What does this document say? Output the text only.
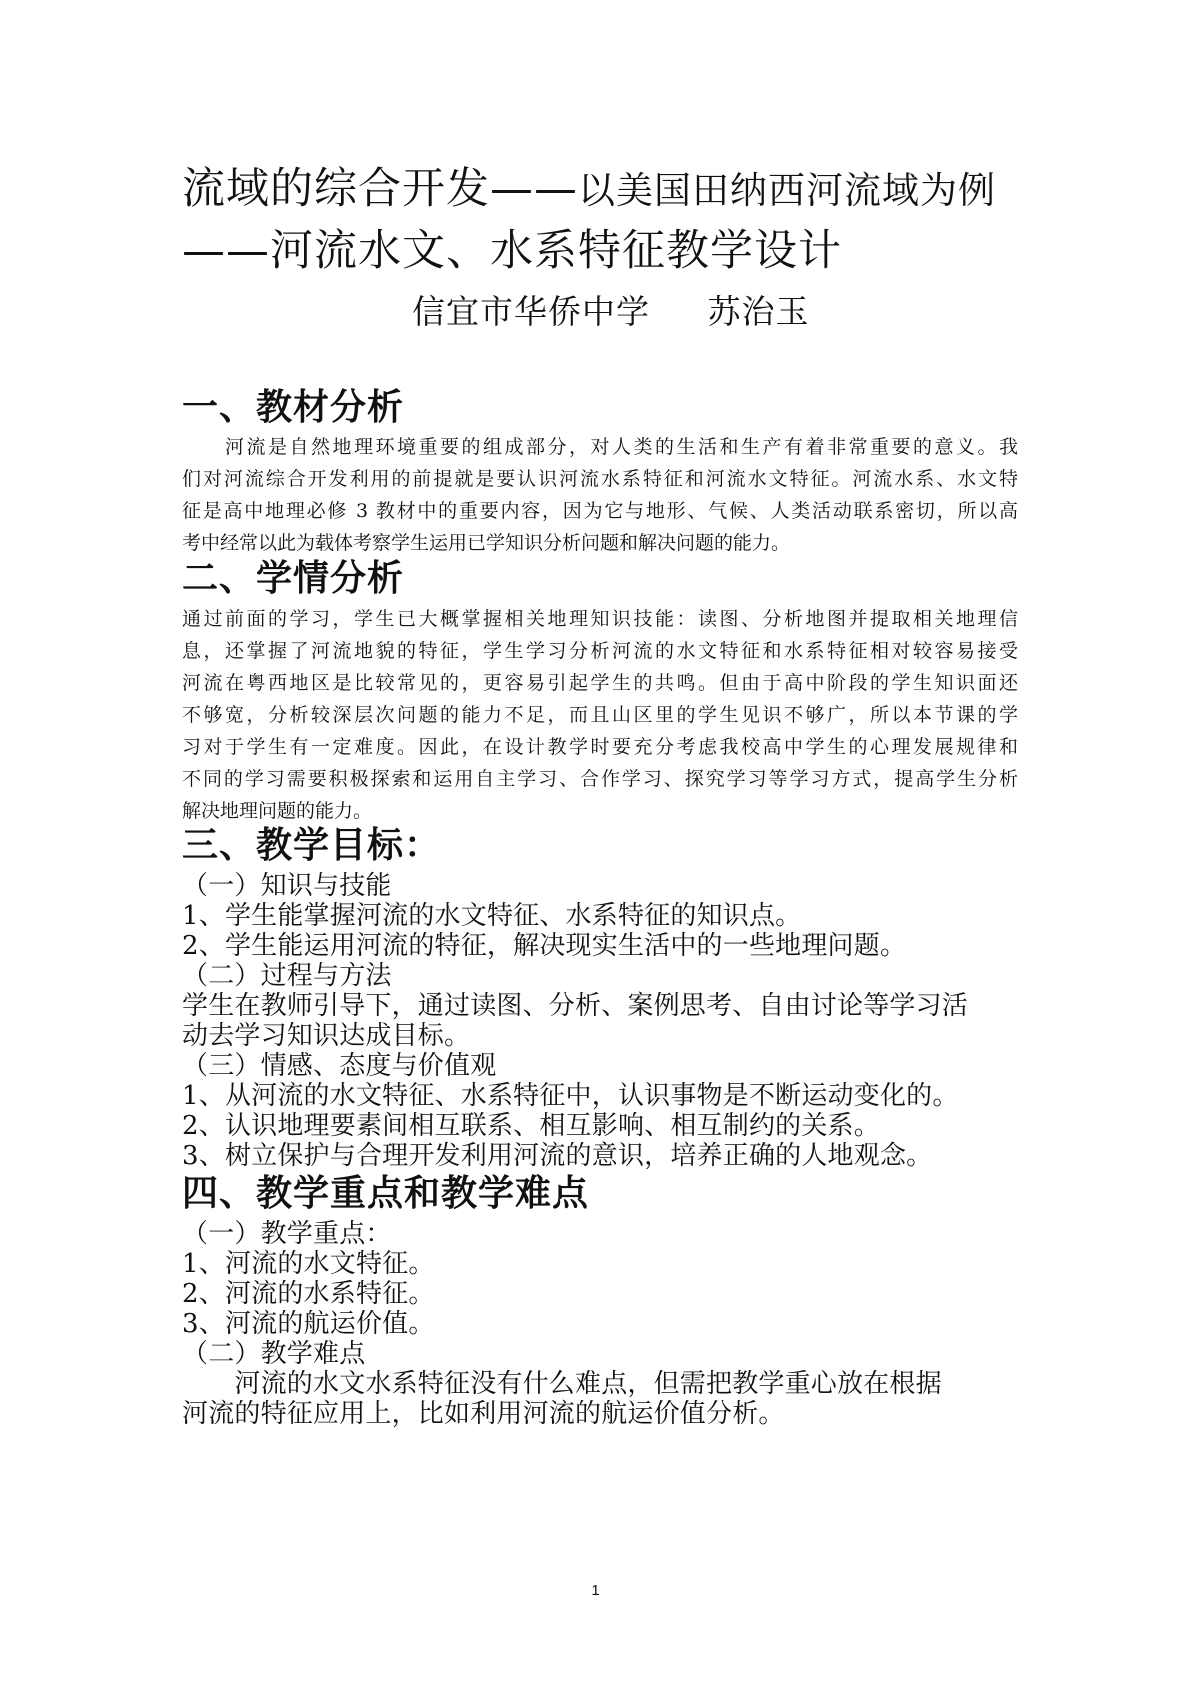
流域的综合开发——以美国田纳西河流域为例
——河流水文、水系特征教学设计
信宜市华侨中学     苏治玉
一、教材分析
　　河流是自然地理环境重要的组成部分，对人类的生活和生产有着非常重要的意义。我
们对河流综合开发利用的前提就是要认识河流水系特征和河流水文特征。河流水系、水文特
征是高中地理必修 3 教材中的重要内容，因为它与地形、气候、人类活动联系密切，所以高
考中经常以此为载体考察学生运用已学知识分析问题和解决问题的能力。
二、学情分析
通过前面的学习，学生已大概掌握相关地理知识技能：读图、分析地图并提取相关地理信
息，还掌握了河流地貌的特征，学生学习分析河流的水文特征和水系特征相对较容易接受
河流在粤西地区是比较常见的，更容易引起学生的共鸣。但由于高中阶段的学生知识面还
不够宽，分析较深层次问题的能力不足，而且山区里的学生见识不够广，所以本节课的学
习对于学生有一定难度。因此，在设计教学时要充分考虑我校高中学生的心理发展规律和
不同的学习需要积极探索和运用自主学习、合作学习、探究学习等学习方式，提高学生分析
解决地理问题的能力。
三、教学目标：
（一）知识与技能
1、学生能掌握河流的水文特征、水系特征的知识点。
2、学生能运用河流的特征，解决现实生活中的一些地理问题。
（二）过程与方法
学生在教师引导下，通过读图、分析、案例思考、自由讨论等学习活
动去学习知识达成目标。
（三）情感、态度与价值观
1、从河流的水文特征、水系特征中，认识事物是不断运动变化的。
2、认识地理要素间相互联系、相互影响、相互制约的关系。
3、树立保护与合理开发利用河流的意识，培养正确的人地观念。
四、教学重点和教学难点
（一）教学重点：
1、河流的水文特征。
2、河流的水系特征。
3、河流的航运价值。
（二）教学难点
　　河流的水文水系特征没有什么难点，但需把教学重心放在根据
河流的特征应用上，比如利用河流的航运价值分析。
1
